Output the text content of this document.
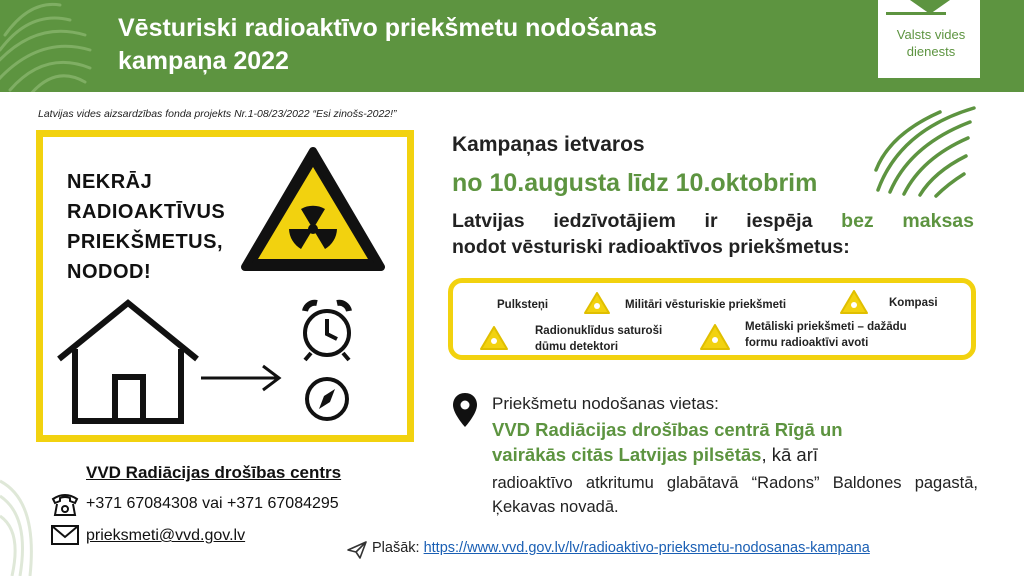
Vēsturiski radioaktīvo priekšmetu nodošanas
kampaņa 2022
Valsts vides
dienests
Latvijas vides aizsardzības fonda projekts Nr.1-08/23/2022 “Esi zinošs-2022!”
NEKRĀJ
RADIOAKTĪVUS
PRIEKŠMETUS,
NODOD!
Kampaņas ietvaros
no 10.augusta līdz 10.oktobrim
Latvijas iedzīvotājiem ir iespēja bez maksas
nodot vēsturiski radioaktīvos priekšmetus:
Pulksteņi	Militāri vēsturiskie priekšmeti	Kompasi
Radionuklīdus saturoši
dūmu detektori
Metāliski priekšmeti – dažādu
formu radioaktīvi avoti
Priekšmetu nodošanas vietas:
VVD Radiācijas drošības centrā Rīgā un
vairākās citās Latvijas pilsētās, kā arī
radioaktīvo atkritumu glabātavā “Radons” Baldones pagastā, Ķekavas novadā.
VVD Radiācijas drošības centrs
+371 67084308 vai +371 67084295
prieksmeti@vvd.gov.lv
Plašāk: https://www.vvd.gov.lv/lv/radioaktivo-prieksmetu-nodosanas-kampana
